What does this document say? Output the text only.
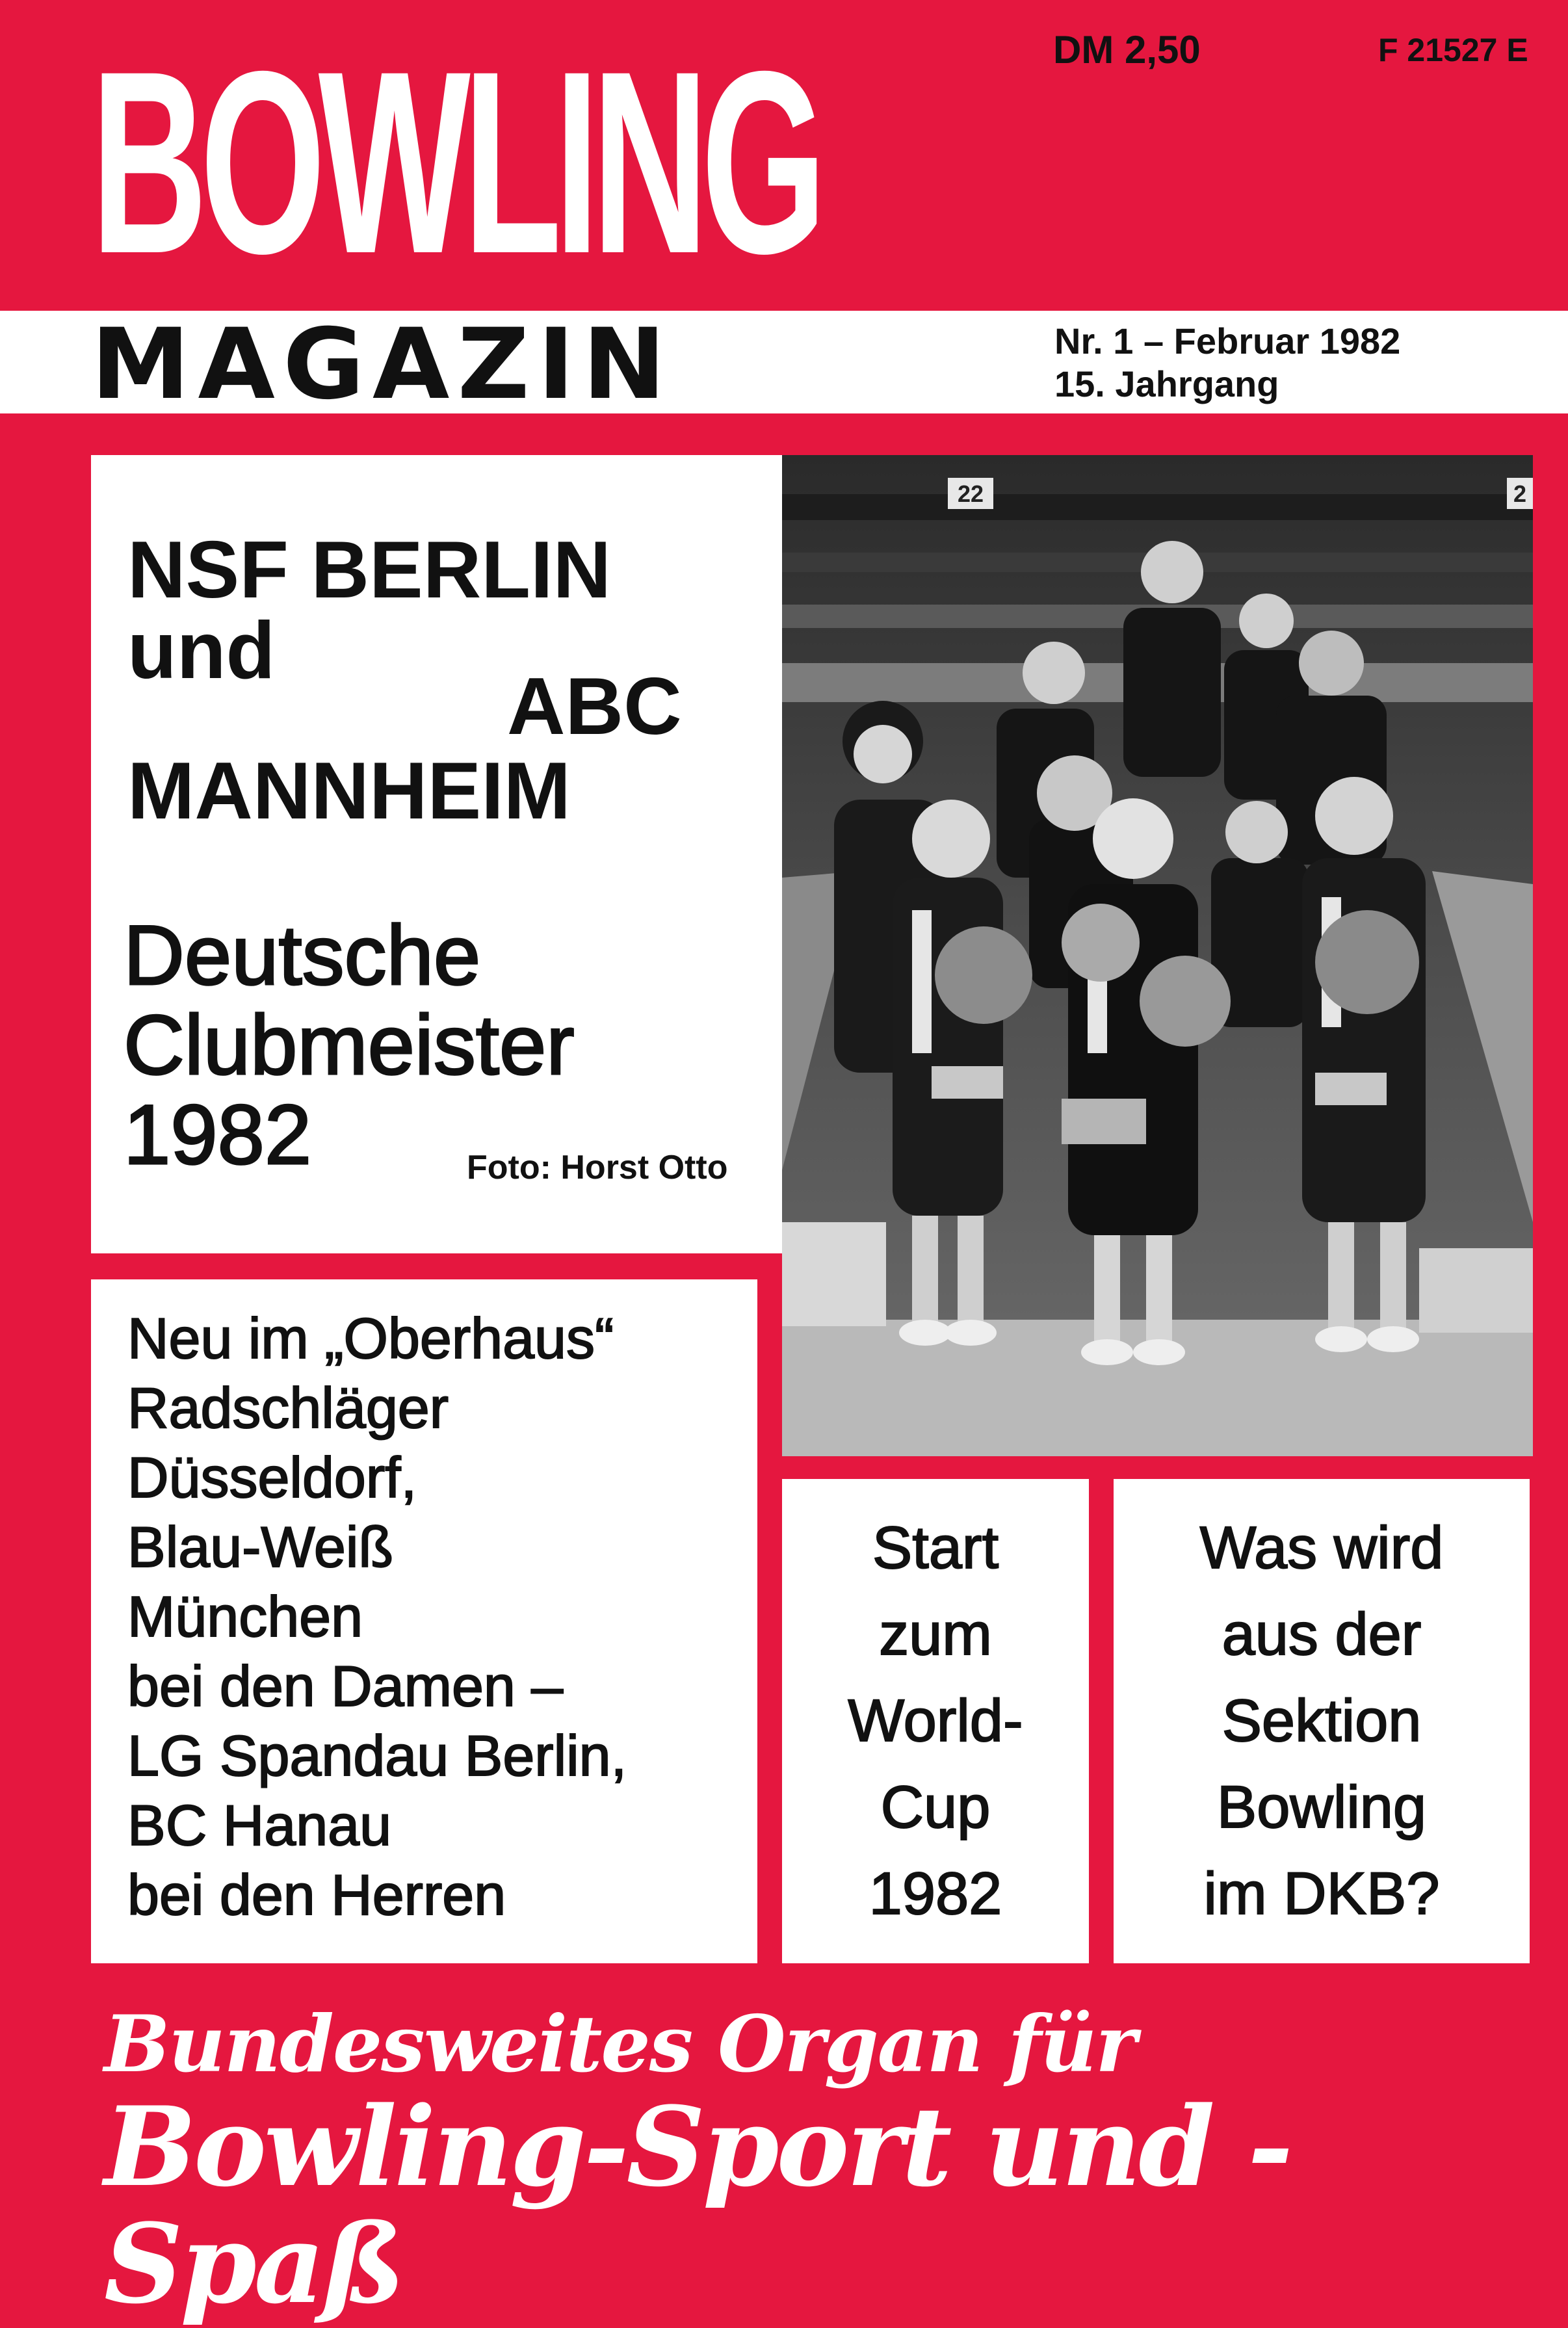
BOWLING	DM 2,50	F 21527 E
MAGAZIN	Nr. 1 – Februar 1982
15. Jahrgang
NSF BERLIN
und
ABC
MANNHEIM
Deutsche
Clubmeister
1982	Foto: Horst Otto
22	2
Neu im „Oberhaus“
Radschläger
Düsseldorf,
Blau-Weiß
München
bei den Damen –
LG Spandau Berlin,
BC Hanau
bei den Herren
Start
zum
World-
Cup
1982
Was wird
aus der
Sektion
Bowling
im DKB?
Bundesweites Organ für
Bowling-Sport und -Spaß
